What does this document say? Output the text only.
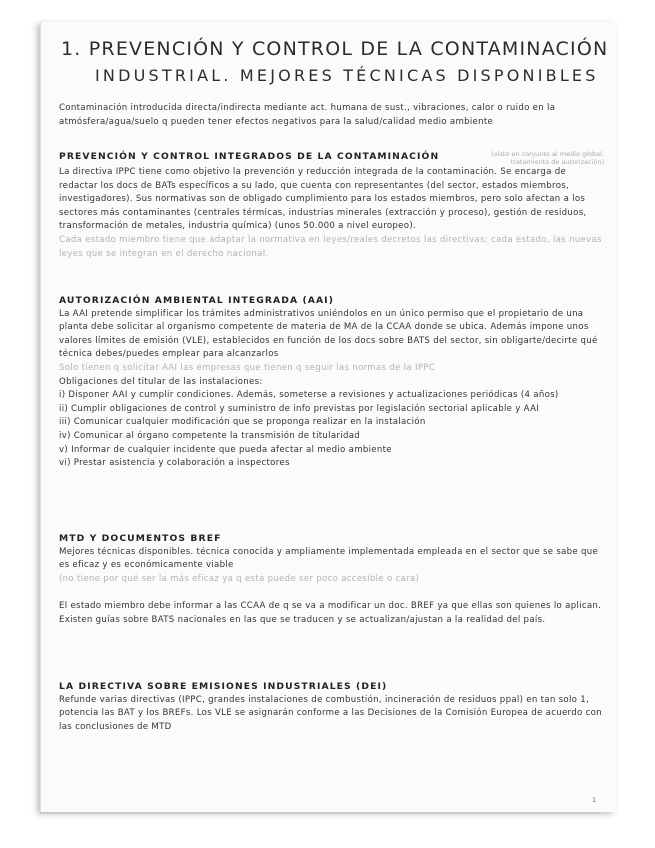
1. PREVENCIÓN Y CONTROL DE LA CONTAMINACIÓN
INDUSTRIAL. MEJORES TÉCNICAS DISPONIBLES
Contaminación introducida directa/indirecta mediante act. humana de sust., vibraciones, calor o ruido en la atmósfera/agua/suelo q pueden tener efectos negativos para la salud/calidad medio ambiente
PREVENCIÓN Y CONTROL INTEGRADOS DE LA CONTAMINACIÓN	(visto en conjunto al medio global, tratamiento de autorización)
La directiva IPPC tiene como objetivo la prevención y reducción integrada de la contaminación. Se encarga de redactar los docs de BATs específicos a su lado, que cuenta con representantes (del sector, estados miembros, investigadores). Sus normativas son de obligado cumplimiento para los estados miembros, pero solo afectan a los sectores más contaminantes (centrales térmicas, industrias minerales (extracción y proceso), gestión de residuos, transformación de metales, industria química) (unos 50.000 a nivel europeo).
Cada estado miembro tiene que adaptar la normativa en leyes/reales decretos las directivas; cada estado, las nuevas leyes que se integran en el derecho nacional.
AUTORIZACIÓN AMBIENTAL INTEGRADA (AAI)
La AAI pretende simplificar los trámites administrativos uniéndolos en un único permiso que el propietario de una planta debe solicitar al organismo competente de materia de MA de la CCAA donde se ubica. Además impone unos valores límites de emisión (VLE), establecidos en función de los docs sobre BATS del sector, sin obligarte/decirte qué técnica debes/puedes emplear para alcanzarlos
Solo tienen q solicitar AAI las empresas que tienen q seguir las normas de la IPPC
Obligaciones del titular de las instalaciones:
i) Disponer AAI y cumplir condiciones. Además, someterse a revisiones y actualizaciones periódicas (4 años)
ii) Cumplir obligaciones de control y suministro de info previstas por legislación sectorial aplicable y AAI
iii) Comunicar cualquier modificación que se proponga realizar en la instalación
iv) Comunicar al órgano competente la transmisión de titularidad
v) Informar de cualquier incidente que pueda afectar al medio ambiente
vi) Prestar asistencia y colaboración a inspectores
MTD Y DOCUMENTOS BREF
Mejores técnicas disponibles. técnica conocida y ampliamente implementada empleada en el sector que se sabe que es eficaz y es económicamente viable
(no tiene por qué ser la más eficaz ya q esta puede ser poco accesible o cara)
El estado miembro debe informar a las CCAA de q se va a modificar un doc. BREF ya que ellas son quienes lo aplican. Existen guías sobre BATS nacionales en las que se traducen y se actualizan/ajustan a la realidad del país.
LA DIRECTIVA SOBRE EMISIONES INDUSTRIALES (DEI)
Refunde varias directivas (IPPC, grandes instalaciones de combustión, incineración de residuos ppal) en tan solo 1, potencia las BAT y los BREFs. Los VLE se asignarán conforme a las Decisiones de la Comisión Europea de acuerdo con las conclusiones de MTD
1
